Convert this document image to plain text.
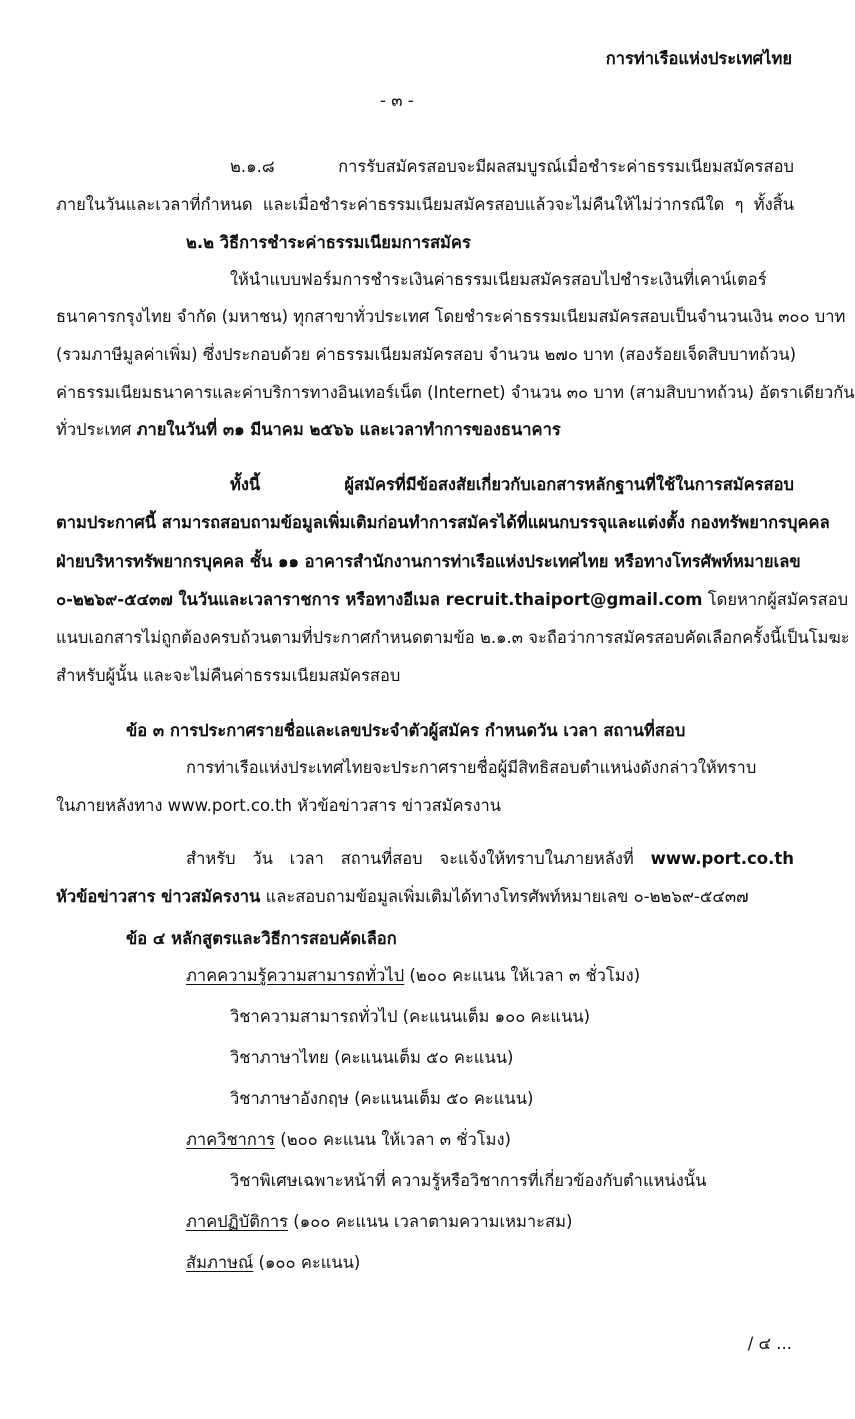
การท่าเรือแห่งประเทศไทย
- ๓ -
๒.๑.๘ การรับสมัครสอบจะมีผลสมบูรณ์เมื่อชำระค่าธรรมเนียมสมัครสอบ
ภายในวันและเวลาที่กำหนด และเมื่อชำระค่าธรรมเนียมสมัครสอบแล้วจะไม่คืนให้ไม่ว่ากรณีใด ๆ ทั้งสิ้น
๒.๒ วิธีการชำระค่าธรรมเนียมการสมัคร
ให้นำแบบฟอร์มการชำระเงินค่าธรรมเนียมสมัครสอบไปชำระเงินที่เคาน์เตอร์
ธนาคารกรุงไทย จำกัด (มหาชน) ทุกสาขาทั่วประเทศ โดยชำระค่าธรรมเนียมสมัครสอบเป็นจำนวนเงิน ๓๐๐ บาท
(รวมภาษีมูลค่าเพิ่ม) ซึ่งประกอบด้วย ค่าธรรมเนียมสมัครสอบ จำนวน ๒๗๐ บาท (สองร้อยเจ็ดสิบบาทถ้วน)
ค่าธรรมเนียมธนาคารและค่าบริการทางอินเทอร์เน็ต (Internet) จำนวน ๓๐ บาท (สามสิบบาทถ้วน) อัตราเดียวกัน
ทั่วประเทศ ภายในวันที่ ๓๑ มีนาคม ๒๕๖๖ และเวลาทำการของธนาคาร
ทั้งนี้ ผู้สมัครที่มีข้อสงสัยเกี่ยวกับเอกสารหลักฐานที่ใช้ในการสมัครสอบ
ตามประกาศนี้ สามารถสอบถามข้อมูลเพิ่มเติมก่อนทำการสมัครได้ที่แผนกบรรจุและแต่งตั้ง กองทรัพยากรบุคคล
ฝ่ายบริหารทรัพยากรบุคคล ชั้น ๑๑ อาคารสำนักงานการท่าเรือแห่งประเทศไทย หรือทางโทรศัพท์หมายเลข
๐-๒๒๖๙-๕๔๓๗ ในวันและเวลาราชการ หรือทางอีเมล recruit.thaiport@gmail.com โดยหากผู้สมัครสอบ
แนบเอกสารไม่ถูกต้องครบถ้วนตามที่ประกาศกำหนดตามข้อ ๒.๑.๓ จะถือว่าการสมัครสอบคัดเลือกครั้งนี้เป็นโมฆะ
สำหรับผู้นั้น และจะไม่คืนค่าธรรมเนียมสมัครสอบ
ข้อ ๓ การประกาศรายชื่อและเลขประจำตัวผู้สมัคร กำหนดวัน เวลา สถานที่สอบ
การท่าเรือแห่งประเทศไทยจะประกาศรายชื่อผู้มีสิทธิสอบตำแหน่งดังกล่าวให้ทราบ
ในภายหลังทาง www.port.co.th หัวข้อข่าวสาร ข่าวสมัครงาน
สำหรับ วัน เวลา สถานที่สอบ จะแจ้งให้ทราบในภายหลังที่ www.port.co.th
หัวข้อข่าวสาร ข่าวสมัครงาน และสอบถามข้อมูลเพิ่มเติมได้ทางโทรศัพท์หมายเลข ๐-๒๒๖๙-๕๔๓๗
ข้อ ๔ หลักสูตรและวิธีการสอบคัดเลือก
ภาคความรู้ความสามารถทั่วไป (๒๐๐ คะแนน ให้เวลา ๓ ชั่วโมง)
วิชาความสามารถทั่วไป (คะแนนเต็ม ๑๐๐ คะแนน)
วิชาภาษาไทย (คะแนนเต็ม ๕๐ คะแนน)
วิชาภาษาอังกฤษ (คะแนนเต็ม ๕๐ คะแนน)
ภาควิชาการ (๒๐๐ คะแนน ให้เวลา ๓ ชั่วโมง)
วิชาพิเศษเฉพาะหน้าที่ ความรู้หรือวิชาการที่เกี่ยวข้องกับตำแหน่งนั้น
ภาคปฏิบัติการ (๑๐๐ คะแนน เวลาตามความเหมาะสม)
สัมภาษณ์ (๑๐๐ คะแนน)
/ ๔ ...
